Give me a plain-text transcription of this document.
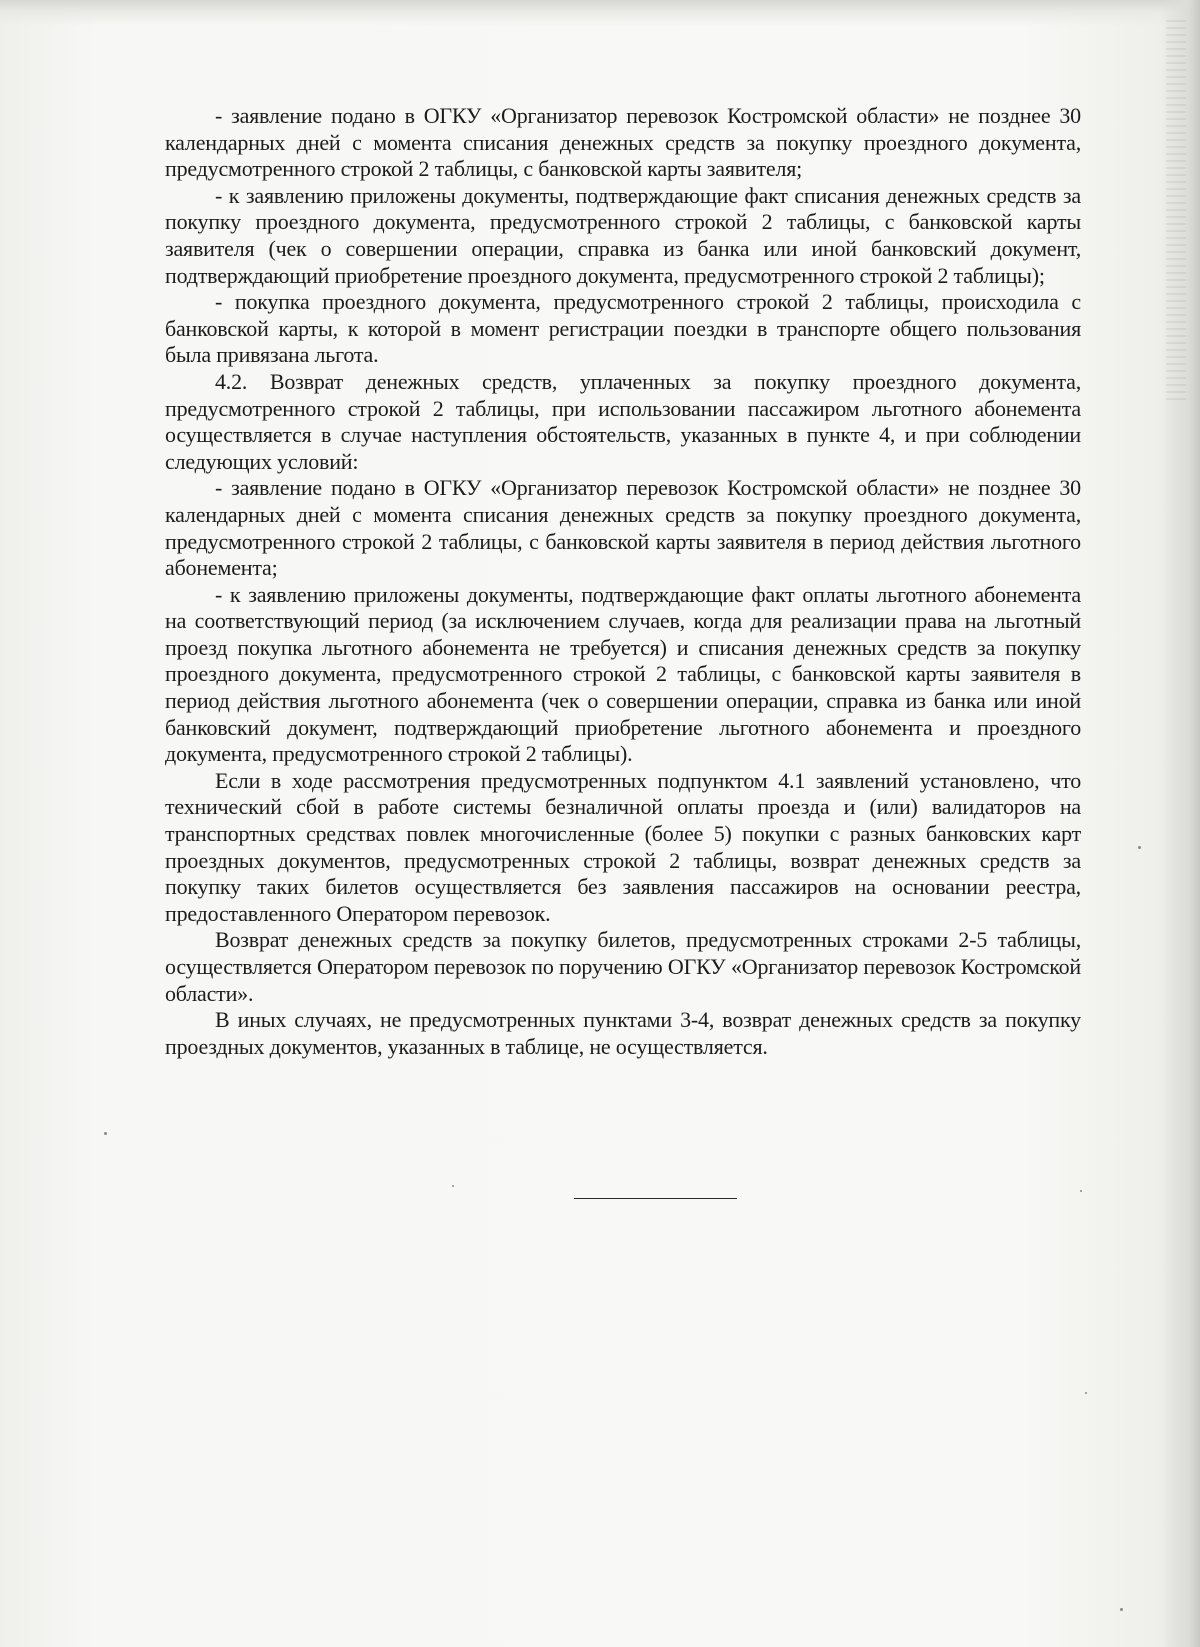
- заявление подано в ОГКУ «Организатор перевозок Костромской области» не позднее 30 календарных дней с момента списания денежных средств за покупку проездного документа, предусмотренного строкой 2 таблицы, с банковской карты заявителя;

- к заявлению приложены документы, подтверждающие факт списания денежных средств за покупку проездного документа, предусмотренного строкой 2 таблицы, с банковской карты заявителя (чек о совершении операции, справка из банка или иной банковский документ, подтверждающий приобретение проездного документа, предусмотренного строкой 2 таблицы);

- покупка проездного документа, предусмотренного строкой 2 таблицы, происходила с банковской карты, к которой в момент регистрации поездки в транспорте общего пользования была привязана льгота.

4.2. Возврат денежных средств, уплаченных за покупку проездного документа, предусмотренного строкой 2 таблицы, при использовании пассажиром льготного абонемента осуществляется в случае наступления обстоятельств, указанных в пункте 4, и при соблюдении следующих условий:

- заявление подано в ОГКУ «Организатор перевозок Костромской области» не позднее 30 календарных дней с момента списания денежных средств за покупку проездного документа, предусмотренного строкой 2 таблицы, с банковской карты заявителя в период действия льготного абонемента;

- к заявлению приложены документы, подтверждающие факт оплаты льготного абонемента на соответствующий период (за исключением случаев, когда для реализации права на льготный проезд покупка льготного абонемента не требуется) и списания денежных средств за покупку проездного документа, предусмотренного строкой 2 таблицы, с банковской карты заявителя в период действия льготного абонемента (чек о совершении операции, справка из банка или иной банковский документ, подтверждающий приобретение льготного абонемента и проездного документа, предусмотренного строкой 2 таблицы).

Если в ходе рассмотрения предусмотренных подпунктом 4.1 заявлений установлено, что технический сбой в работе системы безналичной оплаты проезда и (или) валидаторов на транспортных средствах повлек многочисленные (более 5) покупки с разных банковских карт проездных документов, предусмотренных строкой 2 таблицы, возврат денежных средств за покупку таких билетов осуществляется без заявления пассажиров на основании реестра, предоставленного Оператором перевозок.

Возврат денежных средств за покупку билетов, предусмотренных строками 2-5 таблицы, осуществляется Оператором перевозок по поручению ОГКУ «Организатор перевозок Костромской области».

В иных случаях, не предусмотренных пунктами 3-4, возврат денежных средств за покупку проездных документов, указанных в таблице, не осуществляется.
